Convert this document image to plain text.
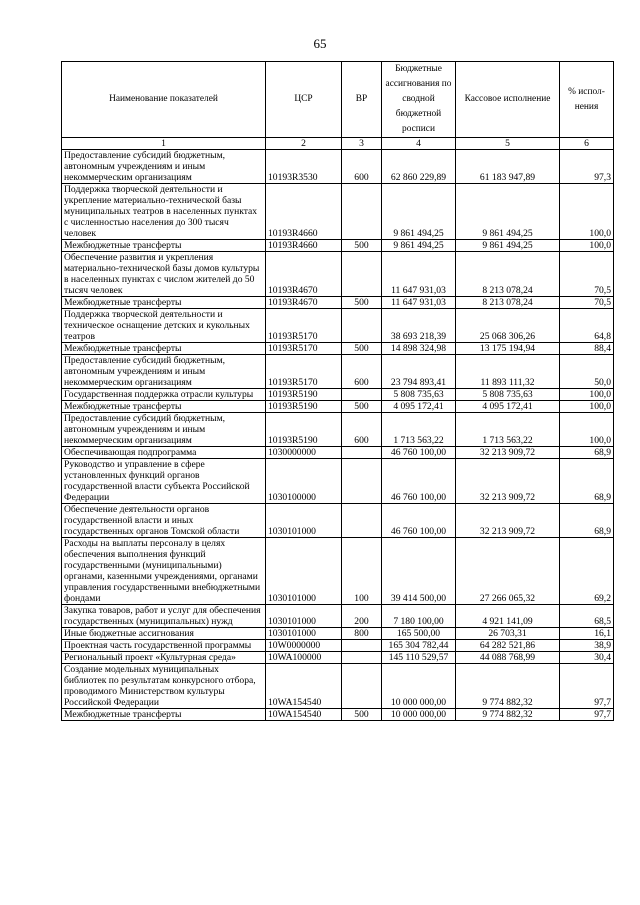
65
Наименование показателей	ЦСР	ВР	Бюджетные ассигнования по сводной бюджетной росписи	Кассовое исполнение	% испол-нения
1	2	3	4	5	6
Предоставление субсидий бюджетным, автономным учреждениям и иным некоммерческим организациям	10193R3530	600	62 860 229,89	61 183 947,89	97,3
Поддержка творческой деятельности и укрепление материально-технической базы муниципальных театров в населенных пунктах с численностью населения до 300 тысяч человек	10193R4660		9 861 494,25	9 861 494,25	100,0
Межбюджетные трансферты	10193R4660	500	9 861 494,25	9 861 494,25	100,0
Обеспечение развития и укрепления материально-технической базы домов культуры в населенных пунктах с числом жителей до 50 тысяч человек	10193R4670		11 647 931,03	8 213 078,24	70,5
Межбюджетные трансферты	10193R4670	500	11 647 931,03	8 213 078,24	70,5
Поддержка творческой деятельности и техническое оснащение детских и кукольных театров	10193R5170		38 693 218,39	25 068 306,26	64,8
Межбюджетные трансферты	10193R5170	500	14 898 324,98	13 175 194,94	88,4
Предоставление субсидий бюджетным, автономным учреждениям и иным некоммерческим организациям	10193R5170	600	23 794 893,41	11 893 111,32	50,0
Государственная поддержка отрасли культуры	10193R5190		5 808 735,63	5 808 735,63	100,0
Межбюджетные трансферты	10193R5190	500	4 095 172,41	4 095 172,41	100,0
Предоставление субсидий бюджетным, автономным учреждениям и иным некоммерческим организациям	10193R5190	600	1 713 563,22	1 713 563,22	100,0
Обеспечивающая подпрограмма	1030000000		46 760 100,00	32 213 909,72	68,9
Руководство и управление в сфере установленных функций органов государственной власти субъекта Российской Федерации	1030100000		46 760 100,00	32 213 909,72	68,9
Обеспечение деятельности органов государственной власти и иных государственных органов Томской области	1030101000		46 760 100,00	32 213 909,72	68,9
Расходы на выплаты персоналу в целях обеспечения выполнения функций государственными (муниципальными) органами, казенными учреждениями, органами управления государственными внебюджетными фондами	1030101000	100	39 414 500,00	27 266 065,32	69,2
Закупка товаров, работ и услуг для обеспечения государственных (муниципальных) нужд	1030101000	200	7 180 100,00	4 921 141,09	68,5
Иные бюджетные ассигнования	1030101000	800	165 500,00	26 703,31	16,1
Проектная часть государственной программы	10W0000000		165 304 782,44	64 282 521,86	38,9
Региональный проект «Культурная среда»	10WA100000		145 110 529,57	44 088 768,99	30,4
Создание модельных муниципальных библиотек по результатам конкурсного отбора, проводимого Министерством культуры Российской Федерации	10WA154540		10 000 000,00	9 774 882,32	97,7
Межбюджетные трансферты	10WA154540	500	10 000 000,00	9 774 882,32	97,7
